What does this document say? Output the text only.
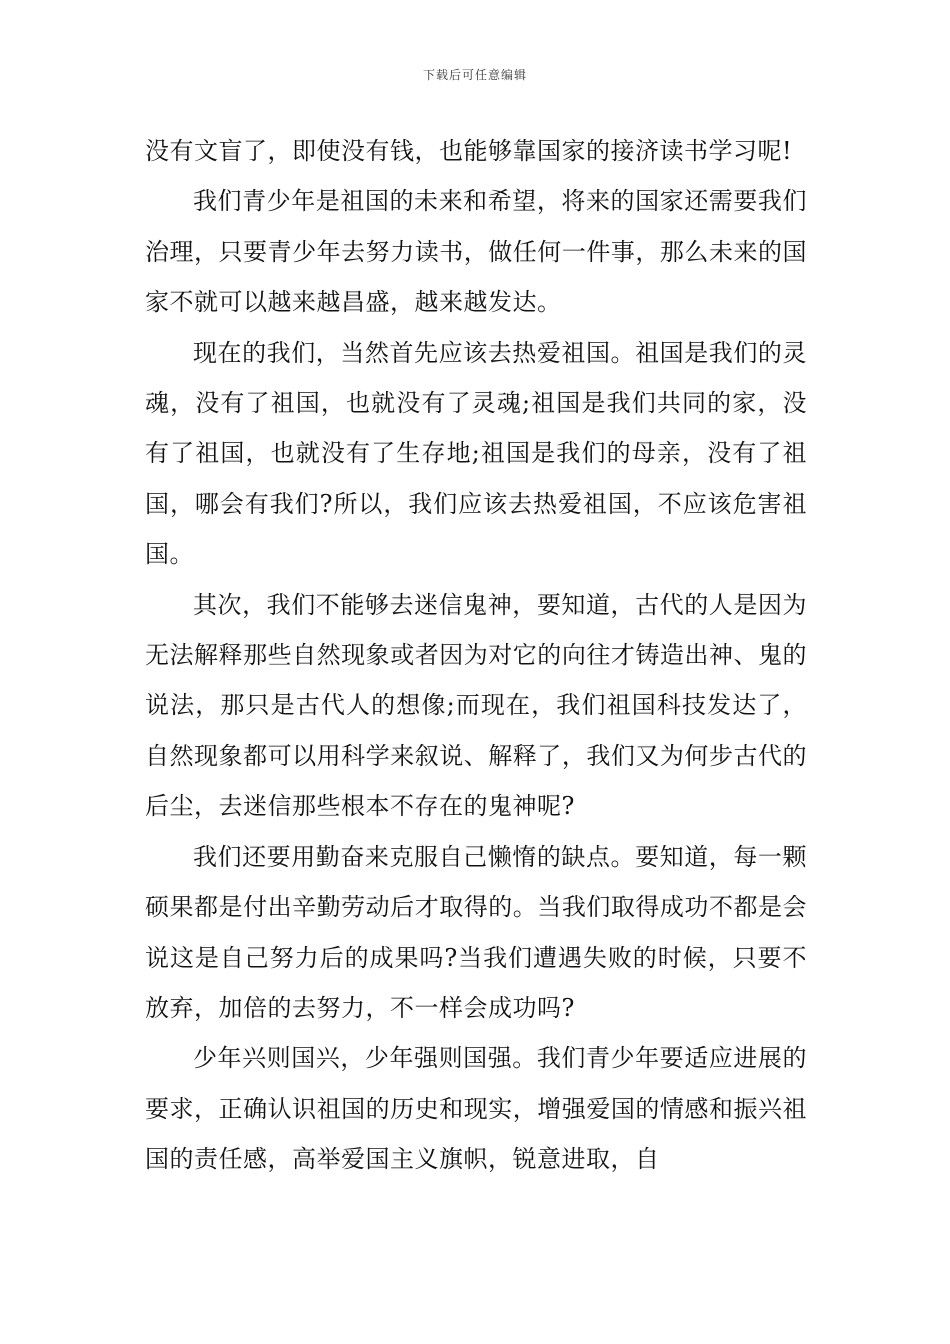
下载后可任意编辑

没有文盲了，即使没有钱，也能够靠国家的接济读书学习呢!

我们青少年是祖国的未来和希望，将来的国家还需要我们治理，只要青少年去努力读书，做任何一件事，那么未来的国家不就可以越来越昌盛，越来越发达。

现在的我们，当然首先应该去热爱祖国。祖国是我们的灵魂，没有了祖国，也就没有了灵魂;祖国是我们共同的家，没有了祖国，也就没有了生存地;祖国是我们的母亲，没有了祖国，哪会有我们?所以，我们应该去热爱祖国，不应该危害祖国。

其次，我们不能够去迷信鬼神，要知道，古代的人是因为无法解释那些自然现象或者因为对它的向往才铸造出神、鬼的说法，那只是古代人的想像;而现在，我们祖国科技发达了，自然现象都可以用科学来叙说、解释了，我们又为何步古代的后尘，去迷信那些根本不存在的鬼神呢?

我们还要用勤奋来克服自己懒惰的缺点。要知道，每一颗硕果都是付出辛勤劳动后才取得的。当我们取得成功不都是会说这是自己努力后的成果吗?当我们遭遇失败的时候，只要不放弃，加倍的去努力，不一样会成功吗?

少年兴则国兴，少年强则国强。我们青少年要适应进展的要求，正确认识祖国的历史和现实，增强爱国的情感和振兴祖国的责任感，高举爱国主义旗帜，锐意进取，自
